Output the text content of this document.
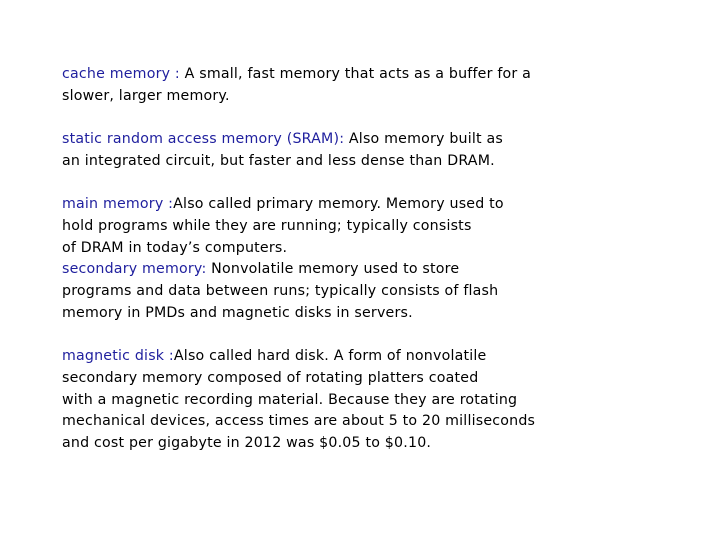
cache memory : A small, fast memory that acts as a buffer for a
slower, larger memory.

static random access memory (SRAM): Also memory built as
an integrated circuit, but faster and less dense than DRAM.

main memory :Also called primary memory. Memory used to
hold programs while they are running; typically consists
of DRAM in today’s computers.

secondary memory: Nonvolatile memory used to store
programs and data between runs; typically consists of flash
memory in PMDs and magnetic disks in servers.

magnetic disk :Also called hard disk. A form of nonvolatile
secondary memory composed of rotating platters coated
with a magnetic recording material. Because they are rotating
mechanical devices, access times are about 5 to 20 milliseconds
and cost per gigabyte in 2012 was $0.05 to $0.10.
